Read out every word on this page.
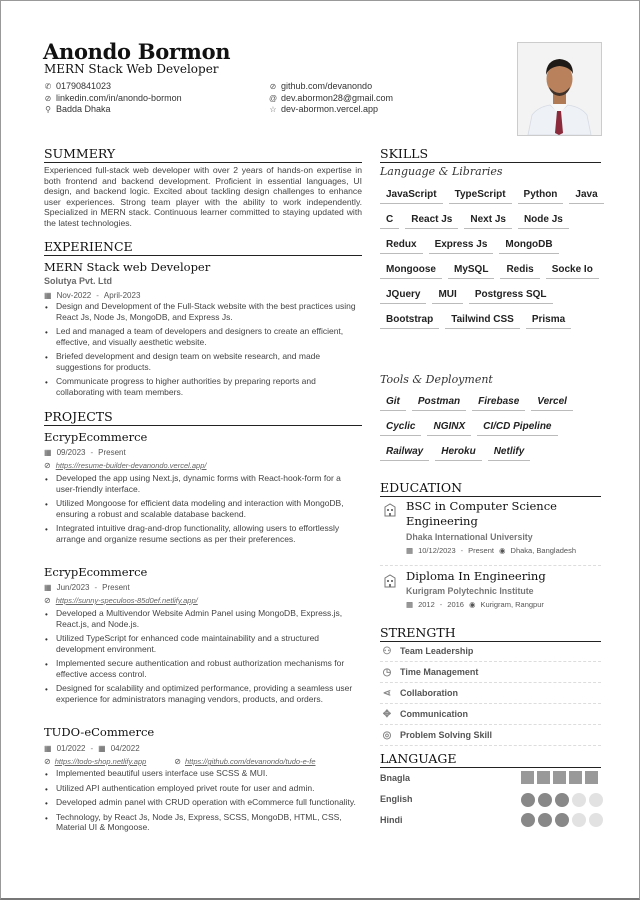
Anondo Bormon
MERN Stack Web Developer
✆ 01790841023
⊘ linkedin.com/in/anondo-bormon
⚲ Badda Dhaka
⊘ github.com/devanondo
@ dev.abormon28@gmail.com
☆ dev-abormon.vercel.app
SUMMERY
Experienced full-stack web developer with over 2 years of hands-on expertise in both frontend and backend development. Proficient in essential languages, UI design, and backend logic. Excited about tackling design challenges to enhance user experiences. Strong team player with the ability to work independently. Specialized in MERN stack. Continuous learner committed to staying updated with the latest technologies.
EXPERIENCE
MERN Stack web Developer
Solutya Pvt. Ltd
▦ Nov-2022 - April-2023
• Design and Development of the Full-Stack website with the best practices using React Js, Node Js, MongoDB, and Express Js.
• Led and managed a team of developers and designers to create an efficient, effective, and visually aesthetic website.
• Briefed development and design team on website research, and made suggestions for products.
• Communicate progress to higher authorities by preparing reports and collaborating with team members.
PROJECTS
EcrypEcommerce
▦ 09/2023 - Present
⊘ https://resume-builder-devanondo.vercel.app/
• Developed the app using Next.js, dynamic forms with React-hook-form for a user-friendly interface.
• Utilized Mongoose for efficient data modeling and interaction with MongoDB, ensuring a robust and scalable database backend.
• Integrated intuitive drag-and-drop functionality, allowing users to effortlessly arrange and organize resume sections as per their preferences.
EcrypEcommerce
▦ Jun/2023 - Present
⊘ https://sunny-speculoos-85d0ef.netlify.app/
• Developed a Multivendor Website Admin Panel using MongoDB, Express.js, React.js, and Node.js.
• Utilized TypeScript for enhanced code maintainability and a structured development environment.
• Implemented secure authentication and robust authorization mechanisms for effective access control.
• Designed for scalability and optimized performance, providing a seamless user experience for administrators managing vendors, products, and orders.
TUDO-eCommerce
▦ 01/2022 - ▦ 04/2022
⊘ https://todo-shop.netlify.app	⊘ https://github.com/devanondo/tudo-e-fe
• Implemented beautiful users interface use SCSS & MUI.
• Utilized API authentication employed privet route for user and admin.
• Developed admin panel with CRUD operation with eCommerce full functionality.
• Technology, by React Js, Node Js, Express, SCSS, MongoDB, HTML, CSS, Material UI & Mongoose.
SKILLS
Language & Libraries
JavaScript	TypeScript	Python	Java
C	React Js	Next Js	Node Js
Redux	Express Js	MongoDB
Mongoose	MySQL	Redis	Socke Io
JQuery	MUI	Postgress SQL
Bootstrap	Tailwind CSS	Prisma
Tools & Deployment
Git	Postman	Firebase	Vercel
Cyclic	NGINX	CI/CD Pipeline
Railway	Heroku	Netlify
EDUCATION
BSC in Computer Science Engineering
Dhaka International University
▦ 10/12/2023 - Present ◉ Dhaka, Bangladesh
Diploma In Engineering
Kurigram Polytechnic Institute
▦ 2012 - 2016 ◉ Kurigram, Rangpur
STRENGTH
⚇ Team Leadership
◷ Time Management
⋖ Collaboration
✥ Communication
◎ Problem Solving Skill
LANGUAGE
Bnagla
English
Hindi
